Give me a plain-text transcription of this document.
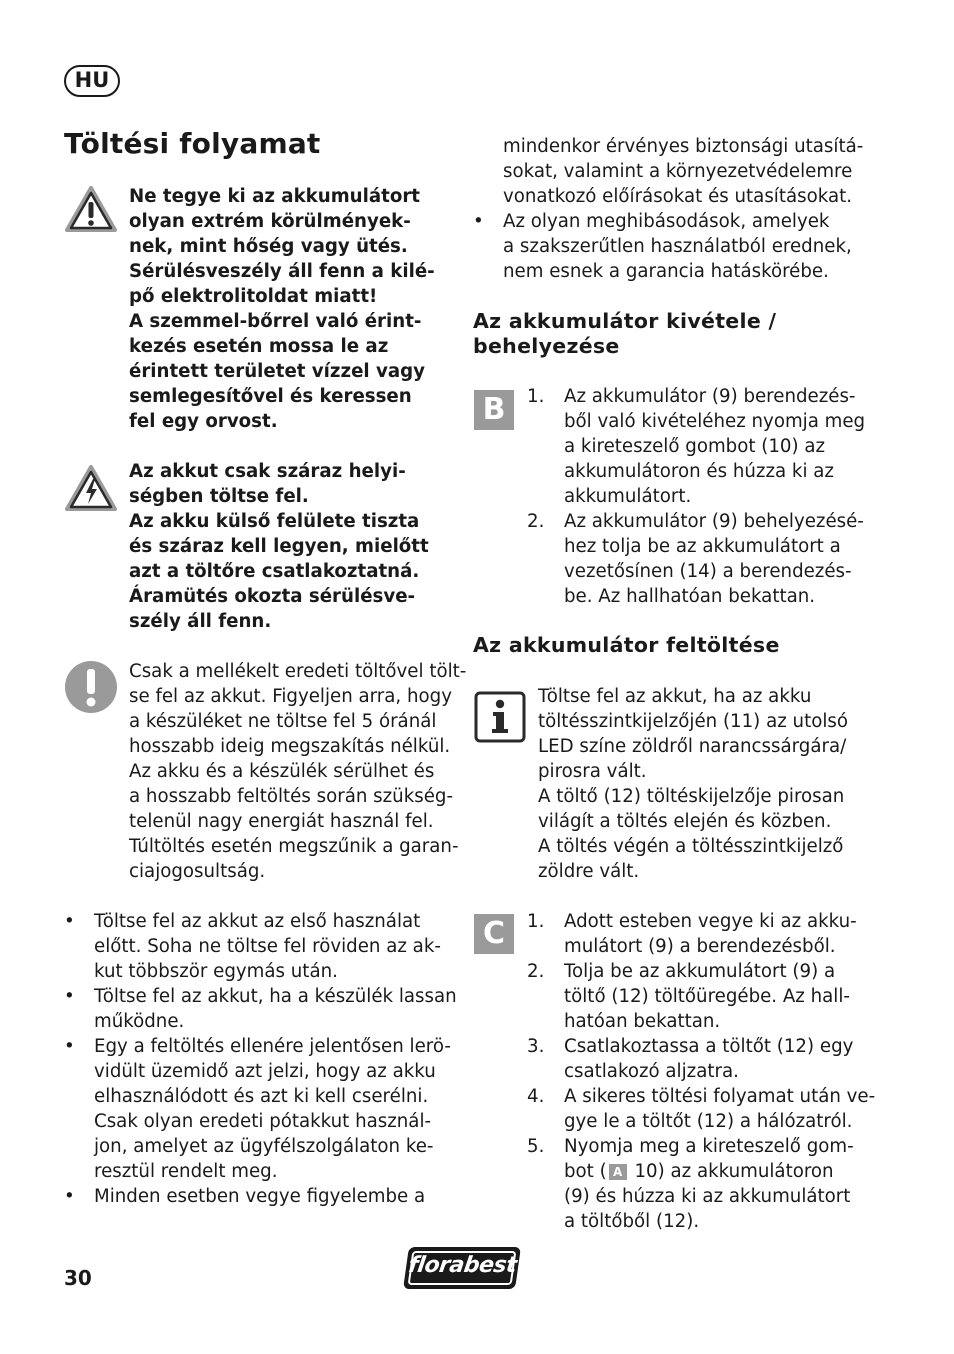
HU
Töltési folyamat
Ne tegye ki az akkumulátort
olyan extrém körülmények-
nek, mint hőség vagy ütés.
Sérülésveszély áll fenn a kilé-
pő elektrolitoldat miatt!
A szemmel-bőrrel való érint-
kezés esetén mossa le az
érintett területet vízzel vagy
semlegesítővel és keressen
fel egy orvost.
Az akkut csak száraz helyi-
ségben töltse fel.
Az akku külső felülete tiszta
és száraz kell legyen, mielőtt
azt a töltőre csatlakoztatná.
Áramütés okozta sérülésve-
szély áll fenn.
Csak a mellékelt eredeti töltővel tölt-
se fel az akkut. Figyeljen arra, hogy
a készüléket ne töltse fel 5 óránál
hosszabb ideig megszakítás nélkül.
Az akku és a készülék sérülhet és
a hosszabb feltöltés során szükség-
telenül nagy energiát használ fel.
Túltöltés esetén megszűnik a garan-
ciajogosultság.
• Töltse fel az akkut az első használat
előtt. Soha ne töltse fel röviden az ak-
kut többször egymás után.
• Töltse fel az akkut, ha a készülék lassan
működne.
• Egy a feltöltés ellenére jelentősen lerö-
vidült üzemidő azt jelzi, hogy az akku
elhasználódott és azt ki kell cserélni.
Csak olyan eredeti pótakkut használ-
jon, amelyet az ügyfélszolgálaton ke-
resztül rendelt meg.
• Minden esetben vegye figyelembe a
mindenkor érvényes biztonsági utasítá-
sokat, valamint a környezetvédelemre
vonatkozó előírásokat és utasításokat.
• Az olyan meghibásodások, amelyek
a szakszerűtlen használatból erednek,
nem esnek a garancia hatáskörébe.
Az akkumulátor kivétele /
behelyezése
B	1. Az akkumulátor (9) berendezés-
ből való kivételéhez nyomja meg
a kireteszelő gombot (10) az
akkumulátoron és húzza ki az
akkumulátort.
2. Az akkumulátor (9) behelyezésé-
hez tolja be az akkumulátort a
vezetősínen (14) a berendezés-
be. Az hallhatóan bekattan.
Az akkumulátor feltöltése
Töltse fel az akkut, ha az akku
töltésszintkijelzőjén (11) az utolsó
LED színe zöldről narancssárgára/
pirosra vált.
A töltő (12) töltéskijelzője pirosan
világít a töltés elején és közben.
A töltés végén a töltésszintkijelző
zöldre vált.
C	1. Adott esteben vegye ki az akku-
mulátort (9) a berendezésből.
2. Tolja be az akkumulátort (9) a
töltő (12) töltőüregébe. Az hall-
hatóan bekattan.
3. Csatlakoztassa a töltőt (12) egy
csatlakozó aljzatra.
4. A sikeres töltési folyamat után ve-
gye le a töltőt (12) a hálózatról.
5. Nyomja meg a kireteszelő gom-
bot ( A 10) az akkumulátoron
(9) és húzza ki az akkumulátort
a töltőből (12).
30	florabest
